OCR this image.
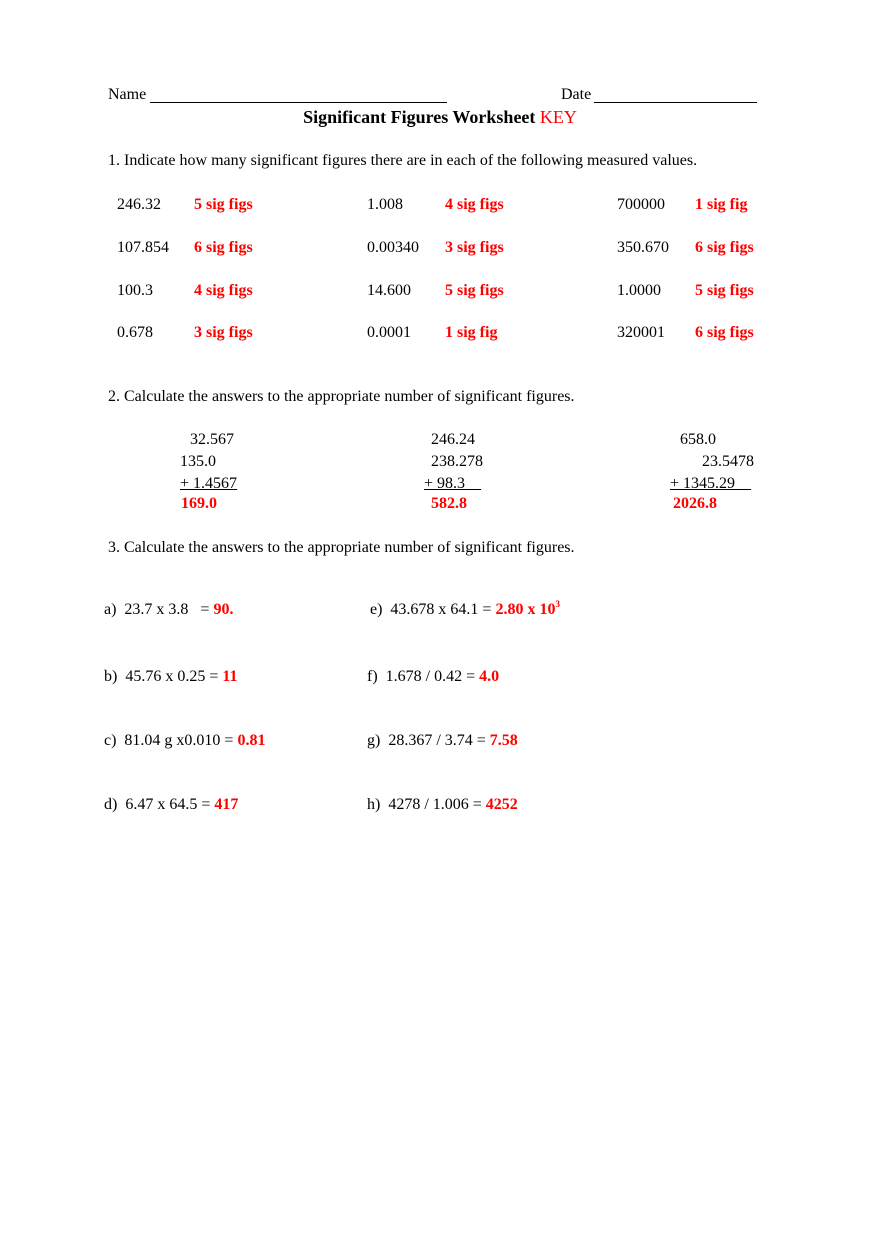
Name	Date
Significant Figures Worksheet KEY
1. Indicate how many significant figures there are in each of the following measured values.
2. Calculate the answers to the appropriate number of significant figures.
3. Calculate the answers to the appropriate number of significant figures.
246.32 5 sig figs	1.008	4 sig figs	700000 1 sig fig
107.854 6 sig figs	0.00340 3 sig figs	350.670 6 sig figs
100.3	4 sig figs	14.600 5 sig figs	1.0000 5 sig figs
0.678	3 sig figs	0.0001 1 sig fig	320001 6 sig figs
32.567
135.0
+ 1.4567
169.0
246.24
238.278
+ 98.3__
582.8
658.0
23.5478
+ 1345.29__
2026.8
a)  23.7 x 3.8   = 90.
b)  45.76 x 0.25 = 11
c)  81.04 g x0.010 = 0.81
d)  6.47 x 64.5 = 417
e)  43.678 x 64.1 = 2.80 x $10^3$
f)  1.678 / 0.42 = 4.0
g)  28.367 / 3.74 = 7.58
h)  4278 / 1.006 = 4252
